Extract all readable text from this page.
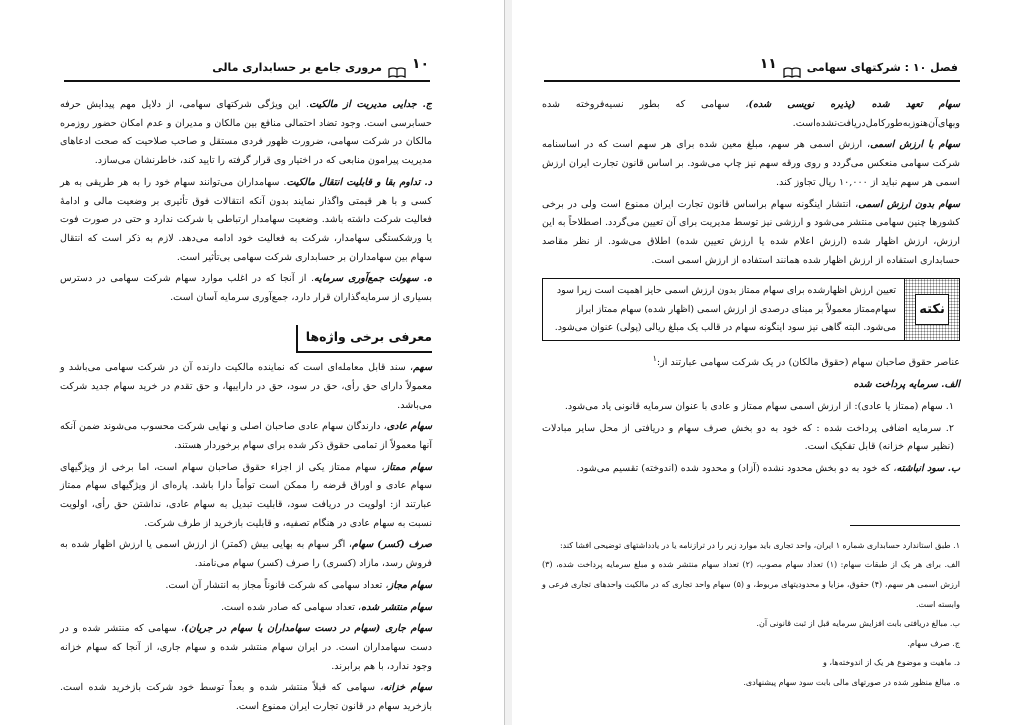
۱۰
مروری جامع بر حسابداری مالی

ج. جدایی مدیریت از مالکیت. این ویژگی شرکتهای سهامی، از دلایل مهم پیدایش حرفه حسابرسی است. وجود تضاد احتمالی منافع بین مالکان و مدیران و عدم امکان حضور روزمره مالکان در شرکت سهامی، ضرورت ظهور فردی مستقل و صاحب صلاحیت که صحت ادعاهای مدیریت پیرامون منابعی که در اختیار وی قرار گرفته را تایید کند، خاطرنشان می‌سازد.

د. تداوم بقا و قابلیت انتقال مالکیت. سهامداران می‌توانند سهام خود را به هر طریقی به هر کسی و با هر قیمتی واگذار نمایند بدون آنکه انتقالات فوق تأثیری بر وضعیت مالی و ادامهٔ فعالیت شرکت داشته باشد. وضعیت سهامدار ارتباطی با شرکت ندارد و حتی در صورت فوت یا ورشکستگی سهامدار، شرکت به فعالیت خود ادامه می‌دهد. لازم به ذکر است که انتقال سهام بین سهامداران بر حسابداری شرکت سهامی بی‌تأثیر است.

ه. سهولت جمع‌آوری سرمایه. از آنجا که در اغلب موارد سهام شرکت سهامی در دسترس بسیاری از سرمایه‌گذاران قرار دارد، جمع‌آوری سرمایه آسان است.

معرفی برخی واژه‌ها

سهم، سند قابل معامله‌ای است که نماینده مالکیت دارنده آن در شرکت سهامی می‌باشد و معمولاً دارای حق رأی، حق در سود، حق در داراییها، و حق تقدم در خرید سهام جدید شرکت می‌باشد.

سهام عادی، دارندگان سهام عادی صاحبان اصلی و نهایی شرکت محسوب می‌شوند ضمن آنکه آنها معمولاً از تمامی حقوق ذکر شده برای سهام برخوردار هستند.

سهام ممتاز، سهام ممتاز یکی از اجزاء حقوق صاحبان سهام است، اما برخی از ویژگیهای سهام عادی و اوراق قرضه را ممکن است توأماً دارا باشد. پاره‌ای از ویژگیهای سهام ممتاز عبارتند از: اولویت در دریافت سود، قابلیت تبدیل به سهام عادی، نداشتن حق رأی، اولویت نسبت به سهام عادی در هنگام تصفیه، و قابلیت بازخرید از طرف شرکت.

صرف (کسر) سهام، اگر سهام به بهایی بیش (کمتر) از ارزش اسمی یا ارزش اظهار شده به فروش رسد، مازاد (کسری) را صرف (کسر) سهام می‌نامند.

سهام مجاز، تعداد سهامی که شرکت قانوناً مجاز به انتشار آن است.

سهام منتشر شده، تعداد سهامی که صادر شده است.

سهام جاری (سهام در دست سهامداران یا سهام در جریان)، سهامی که منتشر شده و در دست سهامداران است. در ایران سهام منتشر شده و سهام جاری، از آنجا که سهام خزانه وجود ندارد، با هم برابرند.

سهام خزانه، سهامی که قبلاً منتشر شده و بعداً توسط خود شرکت بازخرید شده است. بازخرید سهام در قانون تجارت ایران ممنوع است.

فصل ۱۰ : شرکتهای سهامی
۱۱

سهام تعهد شده (پذیره نویسی شده)، سهامی که بطور نسیه‌فروخته شده وبهای‌آن‌هنوزبه‌طورکامل‌دریافت‌نشده‌است.

سهام با ارزش اسمی، ارزش اسمی هر سهم، مبلغ معین شده برای هر سهم است که در اساسنامه شرکت سهامی منعکس می‌گردد و روی ورقه سهم نیز چاپ می‌شود. بر اساس قانون تجارت ایران ارزش اسمی هر سهم نباید از ۱۰,۰۰۰ ریال تجاوز کند.

سهام بدون ارزش اسمی، انتشار اینگونه سهام براساس قانون تجارت ایران ممنوع است ولی در برخی کشورها چنین سهامی منتشر می‌شود و ارزشی نیز توسط مدیریت برای آن تعیین می‌گردد. اصطلاحاً به این ارزش، ارزش اظهار شده (ارزش اعلام شده یا ارزش تعیین شده) اطلاق می‌شود. از نظر مقاصد حسابداری استفاده از ارزش اظهار شده همانند استفاده از ارزش اسمی است.

نکته
تعیین ارزش اظهارشده برای سهام ممتاز بدون ارزش اسمی حایز اهمیت است زیرا سود سهام‌ممتاز معمولاً بر مبنای درصدی از ارزش اسمی (اظهار شده) سهام ممتاز ابراز می‌شود. البته گاهی نیز سود اینگونه سهام در قالب یک مبلغ ریالی (پولی) عنوان می‌شود.

عناصر حقوق صاحبان سهام (حقوق مالکان) در یک شرکت سهامی عبارتند از:$^۱$

الف. سرمایه پرداخت شده

۱. سهام (ممتاز یا عادی): از ارزش اسمی سهام ممتاز و عادی با عنوان سرمایه قانونی یاد می‌شود.

۲. سرمایه اضافی پرداخت شده : که خود به دو بخش صرف سهام و دریافتی از محل سایر مبادلات (نظیر سهام خزانه) قابل تفکیک است.

ب. سود انباشته، که خود به دو بخش محدود نشده (آزاد) و محدود شده (اندوخته) تقسیم می‌شود.

۱. طبق استاندارد حسابداری شماره ۱ ایران، واحد تجاری باید موارد زیر را در ترازنامه یا در یادداشتهای توضیحی افشا کند:

الف. برای هر یک از طبقات سهام: (۱) تعداد سهام مصوب، (۲) تعداد سهام منتشر شده و مبلغ سرمایه پرداخت شده، (۳) ارزش اسمی هر سهم، (۴) حقوق، مزایا و محدودیتهای مربوط، و (۵) سهام واحد تجاری که در مالکیت واحدهای تجاری فرعی و وابسته است.

ب. مبالغ دریافتی بابت افزایش سرمایه قبل از ثبت قانونی آن.

ج. صرف سهام.

د. ماهیت و موضوع هر یک از اندوخته‌ها، و

ه. مبالغ منظور شده در صورتهای مالی بابت سود سهام پیشنهادی.
